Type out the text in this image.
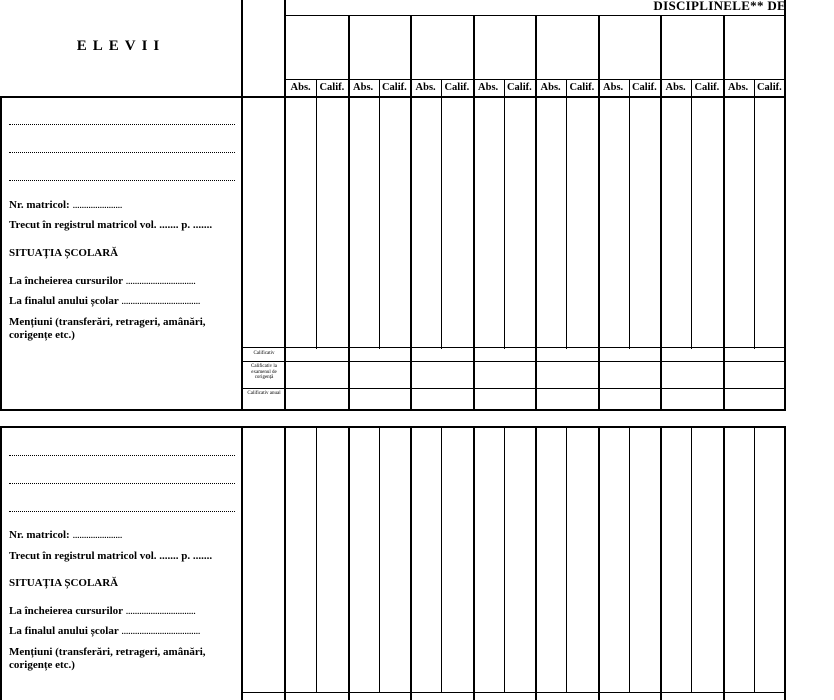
ELEVII
DISCIPLINELE** DE
Abs. Calif. Abs. Calif. Abs. Calif. Abs. Calif. Abs. Calif. Abs. Calif. Abs. Calif. Abs. Calif.
Nr. matricol: ......................
Trecut în registrul matricol vol. ....... p. .......
SITUAȚIA ȘCOLARĂ
La încheierea cursurilor ...............................
La finalul anului școlar ...................................
Mențiuni (transferări, retrageri, amânări, corigențe etc.)
Calificativ
Calificativ la examenul de corigență
Calificativ anual
Nr. matricol: ......................
Trecut în registrul matricol vol. ....... p. .......
SITUAȚIA ȘCOLARĂ
La încheierea cursurilor ...............................
La finalul anului școlar ...................................
Mențiuni (transferări, retrageri, amânări, corigențe etc.)
